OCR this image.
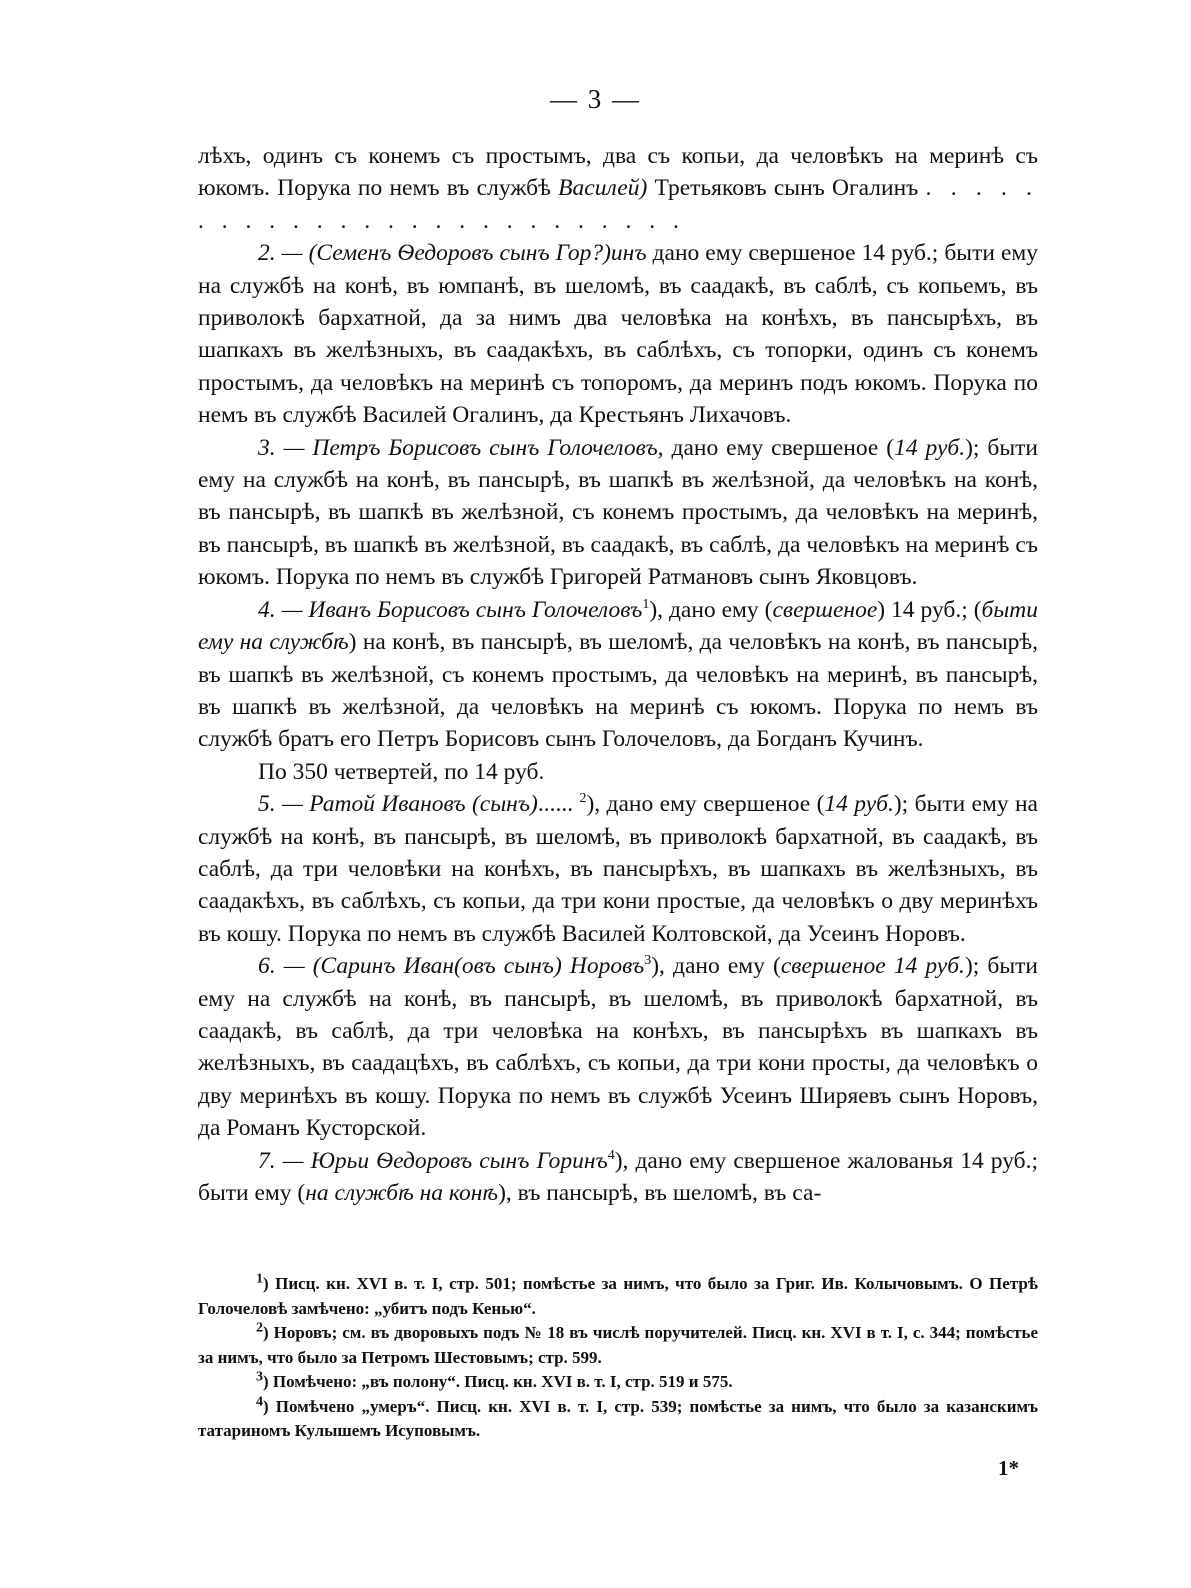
— 3 —

лѣхъ, одинъ съ конемъ съ простымъ, два съ копьи, да человѣкъ на меринѣ съ юкомъ. Порука по немъ въ службѣ Василей) Третьяковъ сынъ Огалинъ . . . . . . . . . . . . . . . . . . . . . . . . . .

2. — (Семенъ Ѳедоровъ сынъ Гор?)инъ дано ему свершеное 14 руб.; быти ему на службѣ на конѣ, въ юмпанѣ, въ шеломѣ, въ саадакѣ, въ саблѣ, съ копьемъ, въ приволокѣ бархатной, да за нимъ два человѣка на конѣхъ, въ пансырѣхъ, въ шапкахъ въ желѣзныхъ, въ саадакѣхъ, въ саблѣхъ, съ топорки, одинъ съ конемъ простымъ, да человѣкъ на меринѣ съ топоромъ, да меринъ подъ юкомъ. Порука по немъ въ службѣ Василей Огалинъ, да Крестьянъ Лихачовъ.

3. — Петръ Борисовъ сынъ Голочеловъ, дано ему свершеное (14 руб.); быти ему на службѣ на конѣ, въ пансырѣ, въ шапкѣ въ желѣзной, да человѣкъ на конѣ, въ пансырѣ, въ шапкѣ въ желѣзной, съ конемъ простымъ, да человѣкъ на меринѣ, въ пансырѣ, въ шапкѣ въ желѣзной, въ саадакѣ, въ саблѣ, да человѣкъ на меринѣ съ юкомъ. Порука по немъ въ службѣ Григорей Ратмановъ сынъ Яковцовъ.

4. — Иванъ Борисовъ сынъ Голочеловъ$^1$), дано ему (свершеное) 14 руб.; (быти ему на службѣ) на конѣ, въ пансырѣ, въ шеломѣ, да человѣкъ на конѣ, въ пансырѣ, въ шапкѣ въ желѣзной, съ конемъ простымъ, да человѣкъ на меринѣ, въ пансырѣ, въ шапкѣ въ желѣзной, да человѣкъ на меринѣ съ юкомъ. Порука по немъ въ службѣ братъ его Петръ Борисовъ сынъ Голочеловъ, да Богданъ Кучинъ.

По 350 четвертей, по 14 руб.

5. — Ратой Ивановъ (сынъ)...... $^2$), дано ему свершеное (14 руб.); быти ему на службѣ на конѣ, въ пансырѣ, въ шеломѣ, въ приволокѣ бархатной, въ саадакѣ, въ саблѣ, да три человѣки на конѣхъ, въ пансырѣхъ, въ шапкахъ въ желѣзныхъ, въ саадакѣхъ, въ саблѣхъ, съ копьи, да три кони простые, да человѣкъ о дву меринѣхъ въ кошу. Порука по немъ въ службѣ Василей Колтовской, да Усеинъ Норовъ.

6. — (Саринъ Иван(овъ сынъ) Норовъ$^3$), дано ему (свершеное 14 руб.); быти ему на службѣ на конѣ, въ пансырѣ, въ шеломѣ, въ приволокѣ бархатной, въ саадакѣ, въ саблѣ, да три человѣка на конѣхъ, въ пансырѣхъ въ шапкахъ въ желѣзныхъ, въ саадацѣхъ, въ саблѣхъ, съ копьи, да три кони просты, да человѣкъ о дву меринѣхъ въ кошу. Порука по немъ въ службѣ Усеинъ Ширяевъ сынъ Норовъ, да Романъ Кусторской.

7. — Юрьи Ѳедоровъ сынъ Горинъ$^4$), дано ему свершеное жалованья 14 руб.; быти ему (на службѣ на конѣ), въ пансырѣ, въ шеломѣ, въ са-

$^1$) Писц. кн. XVI в. т. I, стр. 501; помѣстье за нимъ, что было за Григ. Ив. Колычовымъ. О Петрѣ Голочеловѣ замѣчено: „убитъ подъ Кенью“.

$^2$) Норовъ; см. въ дворовыхъ подъ № 18 въ числѣ поручителей. Писц. кн. XVI в т. I, с. 344; помѣстье за нимъ, что было за Петромъ Шестовымъ; стр. 599.

$^3$) Помѣчено: „въ полону“. Писц. кн. XVI в. т. I, стр. 519 и 575.

$^4$) Помѣчено „умеръ“. Писц. кн. XVI в. т. I, стр. 539; помѣстье за нимъ, что было за казанскимъ татариномъ Кулышемъ Исуповымъ.

1*
